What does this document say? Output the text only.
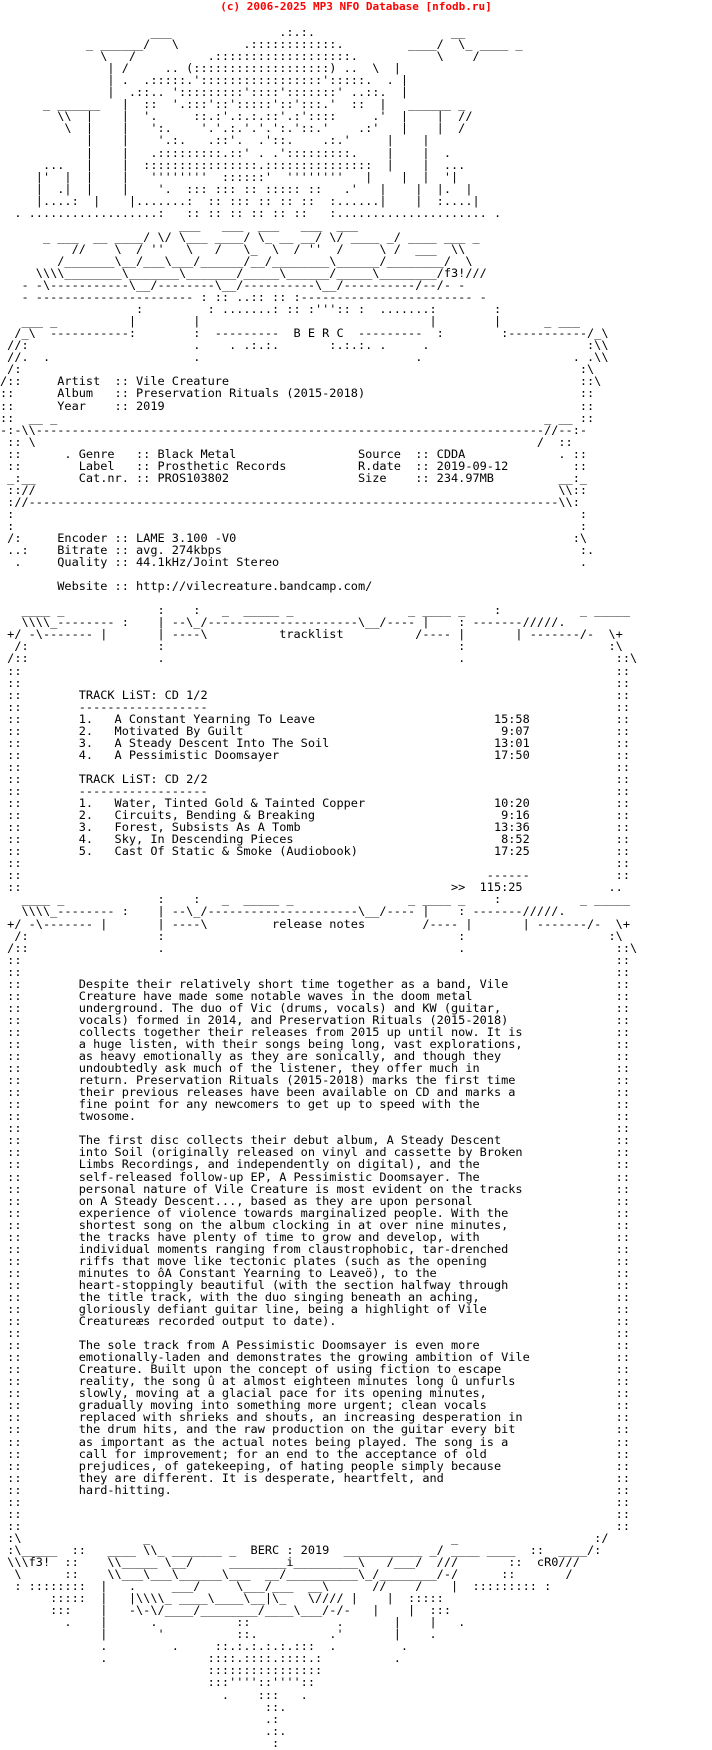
(c) 2006-2025 MP3 NFO Database [nfodb.ru]

___               .:.:.                   __
_ ______/   \         .::::::::::::.         ____/  \_ ____ _
\   /          .:::::::::::::::::::.           \    /
| /     .. (:::::::::::::::::::) ..  \  |
| .  .:::::.':::::::::::::::::':::::.  . |
|  .::.. ':::::::::'::::':::::::' ..::.  |
_ ______   |  ::  '.:::'::':::::'::':::.'  ::  |   ______ _
\\  |    |  '.     ::.:'.:.:.::'.:'::::     .'  |    |  //
\  |    |   ':.    '.'.:.'.'.':.'::.'    .:'   |    |  /
|    |    '.:.   .::'.  .'::.    .:.'     |    |
|    |   .:::::::::.::' . .':::::::::.    |    |  .
...   |    |  ::::::::::::::::.:::::::::::::::  |    |  ...
|'  |  |    |   ''''''''  ::::::'  ''''''''   |    |  |  '|
|  .|  |    |    '.  ::: ::: :: ::::: ::   .'   |    |  |.  |
|....:  |    |.......:  :: ::: :: :: ::  :......|    |  :....|
. ..................:   :: :: :: :: :: ::   :..................... .
___   ___  ___   ___  ___
_ ___  __ ____/ \/ \___ ____/ \_ __ __/ \/ ____ _/ ____ ___ _
//    \  / ''   \   /   \_  \  / ''  /     \ /  ___  \\
/_______\__/___\___/______/__/________\______/________/  \
\\\\________\_______\_______/_____\______/_____\________/f3!///
- -\-----------\__/--------\__/----------\__/----------/--/- -
- ---------------------- : :: ..:: :: :------------------------ -
:         : .......: :: :''':: :  .......:        :
___ _          |        |                                |        |      _ ___
/_\  -----------:        :  ---------  B E R C  ---------  :        :-----------/_\
//:                       .    . .:.:.       :.:.:. .     .                      :\\
//.  .                    .                              .                     . .\\
/:                                                                              :\
/::     Artist  :: Vile Creature                                                 ::\
::      Album   :: Preservation Rituals (2015-2018)                              ::
::      Year    :: 2019                                                          ::
::  __ _                                                                    _ __ ::
-:-\\-----------------------------------------------------------------------//--:-
:: \                                                                      /  ::
::      . Genre   :: Black Metal                 Source  :: CDDA             . ::
::        Label   :: Prosthetic Records          R.date  :: 2019-09-12         ::
_:__      Cat.nr. :: PROS103802                  Size    :: 234.97MB         __:_
:://                                                                         \\::
://--------------------------------------------------------------------------\\:
:                                                                               :
:                                                                               :
/:     Encoder :: LAME 3.100 -V0                                               :\
..:    Bitrate :: avg. 274kbps                                                  :.
.     Quality :: 44.1kHz/Joint Stereo                                          .

Website :: http://vilecreature.bandcamp.com/

____ _             :    :   _  _____ _                _ ____ _    :           _ _____
\\\\_-------- :    | --\_/---------------------\__/---- |    : -------/////.
+/ -\------- |       | ----\          tracklist          /---- |       | -------/-  \+
/:                  :                                         :                    :\
/::                  .                                         .                     ::\
::                                                                                   ::
::                                                                                   ::
::        TRACK LiST: CD 1/2                                                         ::
::        ------------------                                                         ::
::        1.   A Constant Yearning To Leave                         15:58            ::
::        2.   Motivated By Guilt                                    9:07            ::
::        3.   A Steady Descent Into The Soil                       13:01            ::
::        4.   A Pessimistic Doomsayer                              17:50            ::
::                                                                                   ::
::        TRACK LiST: CD 2/2                                                         ::
::        ------------------                                                         ::
::        1.   Water, Tinted Gold & Tainted Copper                  10:20            ::
::        2.   Circuits, Bending & Breaking                          9:16            ::
::        3.   Forest, Subsists As A Tomb                           13:36            ::
::        4.   Sky, In Descending Pieces                             8:52            ::
::        5.   Cast Of Static & Smoke (Audiobook)                   17:25            ::
::                                                                                   ::
::                                                                 ------            ::
::                                                            >>  115:25            ..
____ _             :    :   _  _____ _                _ ____ _    :           _ _____
\\\\_-------- :    | --\_/---------------------\__/---- |    : -------/////.
+/ -\------- |       | ----\         release notes        /---- |       | -------/-  \+
/:                  :                                         :                    :\
/::                  .                                         .                     ::\
::                                                                                   ::
::                                                                                   ::
::        Despite their relatively short time together as a band, Vile               ::
::        Creature have made some notable waves in the doom metal                    ::
::        underground. The duo of Vic (drums, vocals) and KW (guitar,                ::
::        vocals) formed in 2014, and Preservation Rituals (2015-2018)               ::
::        collects together their releases from 2015 up until now. It is             ::
::        a huge listen, with their songs being long, vast explorations,             ::
::        as heavy emotionally as they are sonically, and though they                ::
::        undoubtedly ask much of the listener, they offer much in                   ::
::        return. Preservation Rituals (2015-2018) marks the first time              ::
::        their previous releases have been available on CD and marks a              ::
::        fine point for any newcomers to get up to speed with the                   ::
::        twosome.                                                                   ::
::                                                                                   ::
::        The first disc collects their debut album, A Steady Descent                ::
::        into Soil (originally released on vinyl and cassette by Broken             ::
::        Limbs Recordings, and independently on digital), and the                   ::
::        self-released follow-up EP, A Pessimistic Doomsayer. The                   ::
::        personal nature of Vile Creature is most evident on the tracks             ::
::        on A Steady Descent..., based as they are upon personal                    ::
::        experience of violence towards marginalized people. With the               ::
::        shortest song on the album clocking in at over nine minutes,               ::
::        the tracks have plenty of time to grow and develop, with                   ::
::        individual moments ranging from claustrophobic, tar-drenched               ::
::        riffs that move like tectonic plates (such as the opening                  ::
::        minutes to ôA Constant Yearning to Leaveö), to the                         ::
::        heart-stoppingly beautiful (with the section halfway through               ::
::        the title track, with the duo singing beneath an aching,                   ::
::        gloriously defiant guitar line, being a highlight of Vile                  ::
::        Creatureæs recorded output to date).                                       ::
::                                                                                   ::
::        The sole track from A Pessimistic Doomsayer is even more                   ::
::        emotionally-laden and demonstrates the growing ambition of Vile            ::
::        Creature. Built upon the concept of using fiction to escape                ::
::        reality, the song û at almost eighteen minutes long û unfurls              ::
::        slowly, moving at a glacial pace for its opening minutes,                  ::
::        gradually moving into something more urgent; clean vocals                  ::
::        replaced with shrieks and shouts, an increasing desperation in             ::
::        the drum hits, and the raw production on the guitar every bit              ::
::        as important as the actual notes being played. The song is a               ::
::        call for improvement; for an end to the acceptance of old                  ::
::        prejudices, of gatekeeping, of hating people simply because                ::
::        they are different. It is desperate, heartfelt, and                        ::
::        hard-hitting.                                                              ::
::                                                                                   ::
::                                                                                   ::
::                                                                                   ::
:\                 _                                          _                   :/
:\_____  ::   ____ \\_ _______ _  BERC : 2019  ___________ _/ ____ ____  ::  ____/:
\\\f3!  ::    \\_____ \__/     ________i_________\   /___/  ///       ::  cR0///
\      ::    \\___\___\______\___  __/__________\_/________/-/      ::       /
: ::::::::  |   .     ___/     \___/___  __\      //    /    |  ::::::::: :
:::::  |   |\\\\_ ____\____\__|\_   \//// |    |  :::::
:::    |   -\-\/____/________/____\___/-/-   |    |  :::
.    |      .           ::            .       |    |   .
|       '          ::.          .'       |    .
.         .     ::.:.:.:.:.:::  .         .
.              ::::.::::.::::.:          .
::::::::::::::::
:::''''::''''::
.    :::   .
::.
.:
.:.
:
